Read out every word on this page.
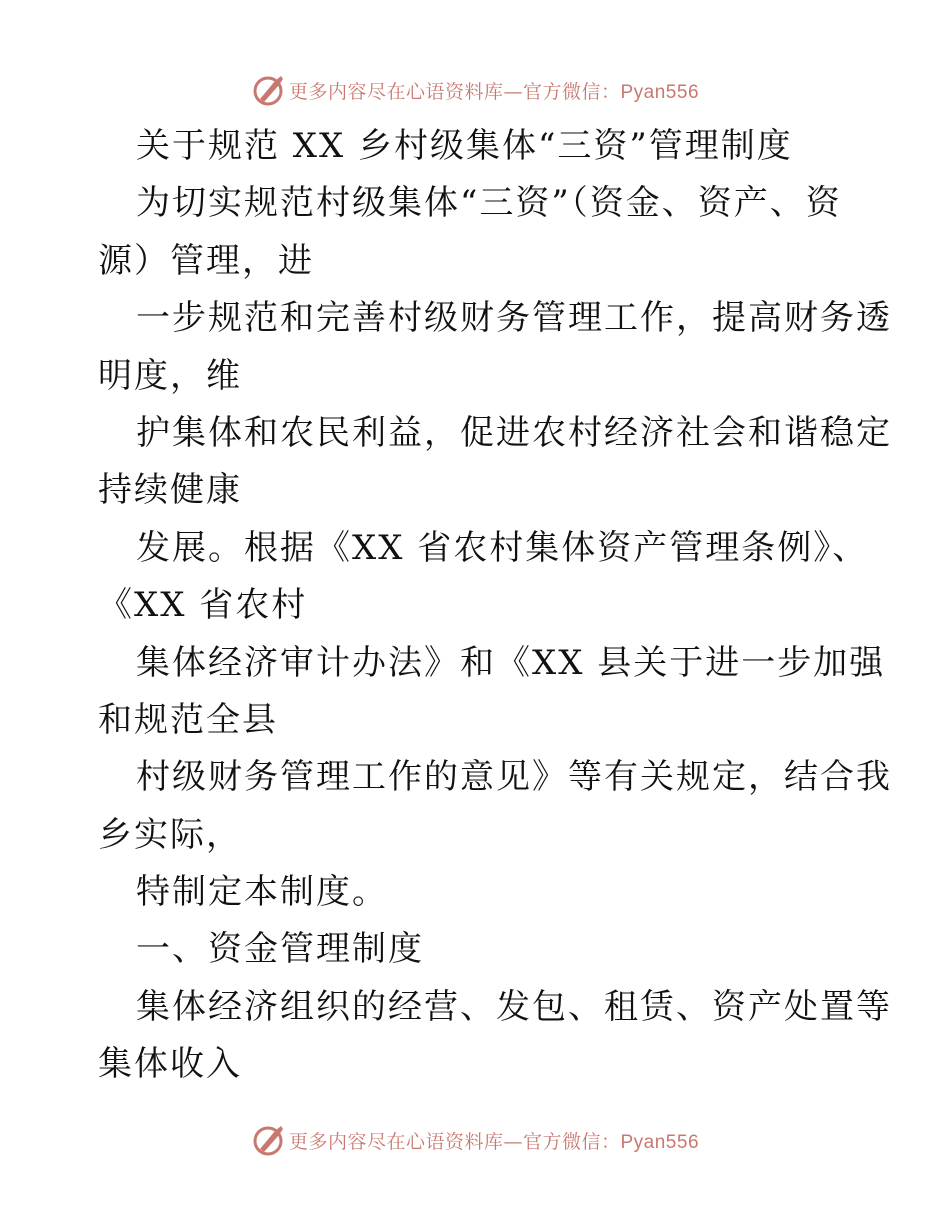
更多内容尽在心语资料库—官方微信：Pyan556
关于规范 XX 乡村级集体“三资”管理制度
为切实规范村级集体“三资”（资金、资产、资
源）管理，进
一步规范和完善村级财务管理工作，提高财务透
明度，维
护集体和农民利益，促进农村经济社会和谐稳定
持续健康
发展。根据《XX 省农村集体资产管理条例》、
《XX 省农村
集体经济审计办法》和《XX 县关于进一步加强
和规范全县
村级财务管理工作的意见》等有关规定，结合我
乡实际，
特制定本制度。
一、资金管理制度
集体经济组织的经营、发包、租赁、资产处置等
集体收入
更多内容尽在心语资料库—官方微信：Pyan556
